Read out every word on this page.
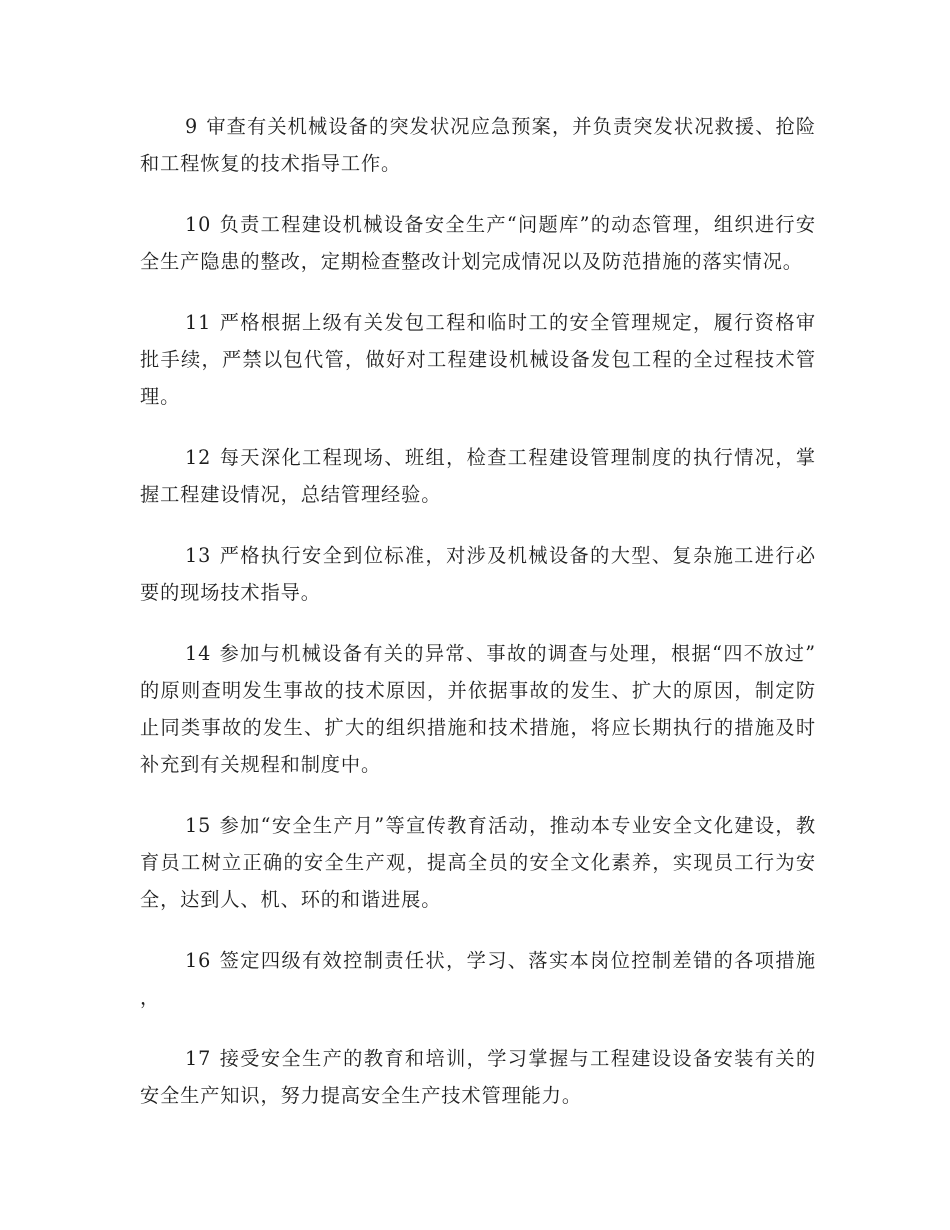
9 审查有关机械设备的突发状况应急预案，并负责突发状况救援、抢险和工程恢复的技术指导工作。

10 负责工程建设机械设备安全生产“问题库”的动态管理，组织进行安全生产隐患的整改，定期检查整改计划完成情况以及防范措施的落实情况。

11 严格根据上级有关发包工程和临时工的安全管理规定，履行资格审批手续，严禁以包代管，做好对工程建设机械设备发包工程的全过程技术管理。

12 每天深化工程现场、班组，检查工程建设管理制度的执行情况，掌握工程建设情况，总结管理经验。

13 严格执行安全到位标准，对涉及机械设备的大型、复杂施工进行必要的现场技术指导。

14 参加与机械设备有关的异常、事故的调查与处理，根据“四不放过”的原则查明发生事故的技术原因，并依据事故的发生、扩大的原因，制定防止同类事故的发生、扩大的组织措施和技术措施，将应长期执行的措施及时补充到有关规程和制度中。

15 参加“安全生产月”等宣传教育活动，推动本专业安全文化建设，教育员工树立正确的安全生产观，提高全员的安全文化素养，实现员工行为安全，达到人、机、环的和谐进展。

16 签定四级有效控制责任状，学习、落实本岗位控制差错的各项措施，

17 接受安全生产的教育和培训，学习掌握与工程建设设备安装有关的安全生产知识，努力提高安全生产技术管理能力。
